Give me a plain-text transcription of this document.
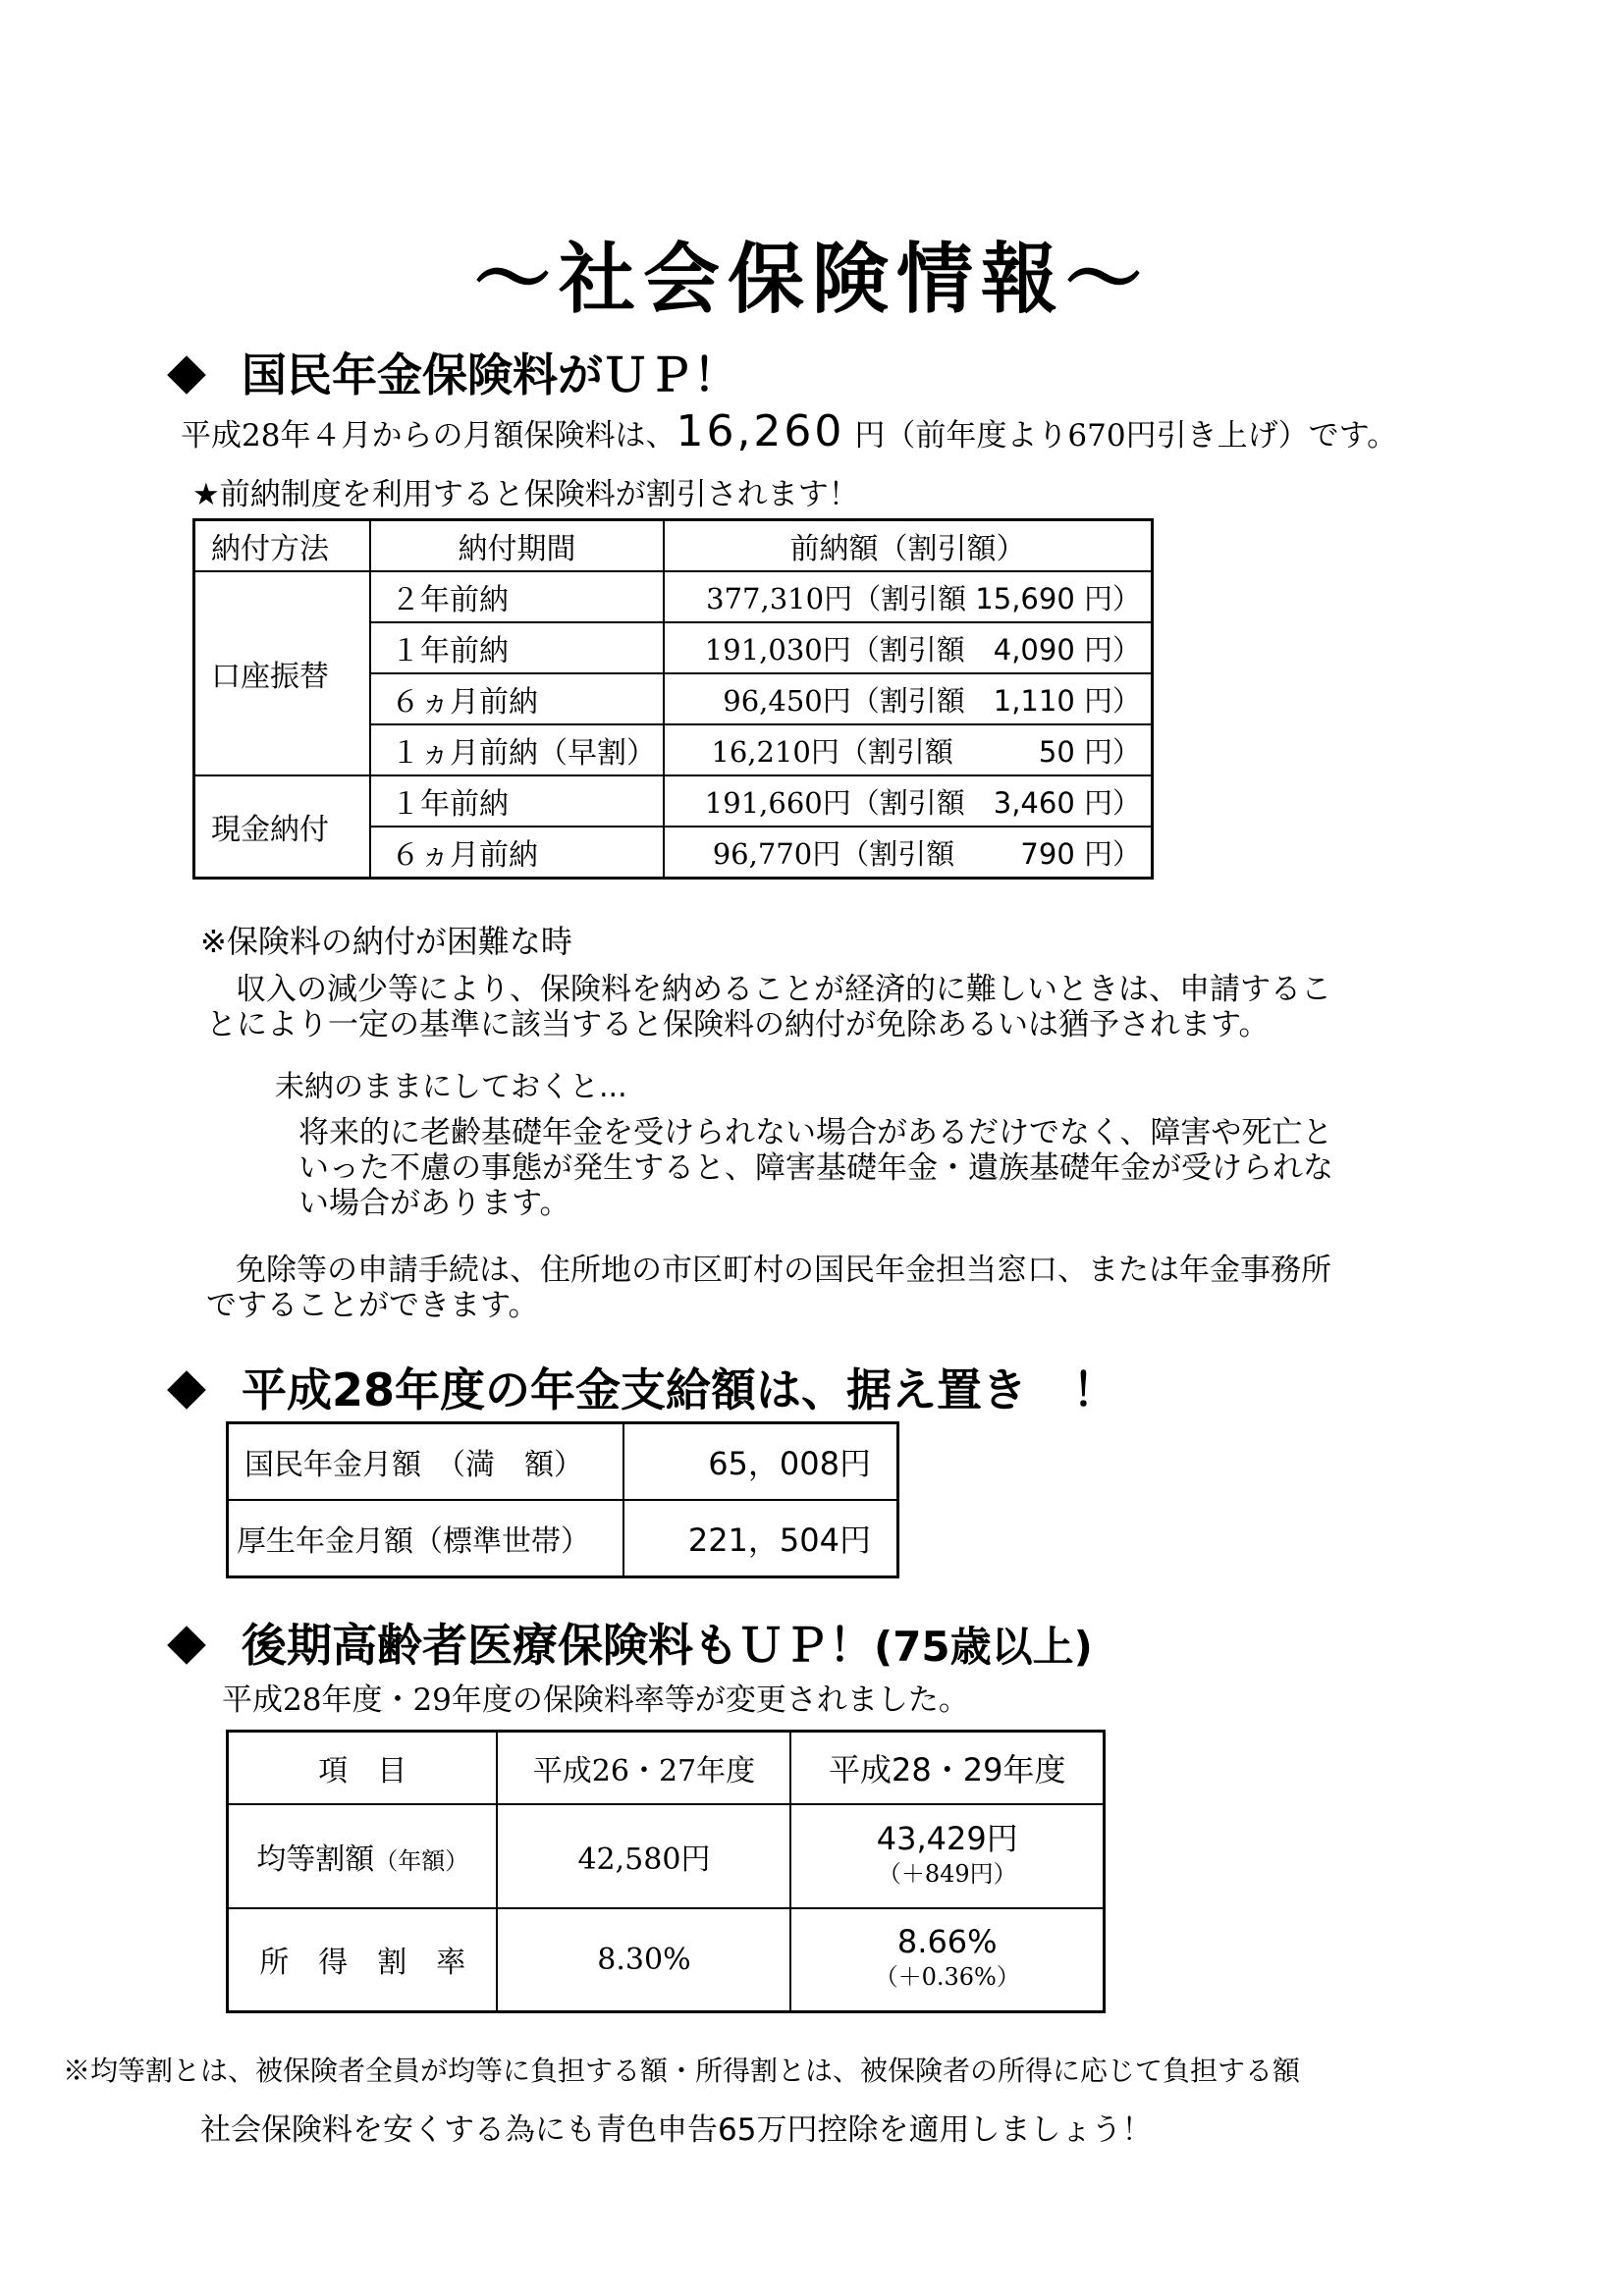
～社会保険情報～
国民年金保険料がＵＰ！
平成28年４月からの月額保険料は、16,260 円（前年度より670円引き上げ）です。
★前納制度を利用すると保険料が割引されます！
納付方法	納付期間	前納額（割引額）
口座振替	２年前納	377,310円（割引額 15,690 円）
	１年前納	191,030円（割引額　4,090 円）
	６ヵ月前納	96,450円（割引額　1,110 円）
	１ヵ月前納（早割）	16,210円（割引額　　　50 円）
現金納付	１年前納	191,660円（割引額　3,460 円）
	６ヵ月前納	96,770円（割引額　　 790 円）
※保険料の納付が困難な時
収入の減少等により、保険料を納めることが経済的に難しいときは、申請するこ
とにより一定の基準に該当すると保険料の納付が免除あるいは猶予されます。
未納のままにしておくと...
将来的に老齢基礎年金を受けられない場合があるだけでなく、障害や死亡と
いった不慮の事態が発生すると、障害基礎年金・遺族基礎年金が受けられな
い場合があります。
免除等の申請手続は、住所地の市区町村の国民年金担当窓口、または年金事務所
ですることができます。
平成28年度の年金支給額は、据え置き　！
国民年金月額　（満　額）	65，008円
厚生年金月額（標準世帯）	221，504円
後期高齢者医療保険料もＵＰ！(75歳以上)
平成28年度・29年度の保険料率等が変更されました。
項　目	平成26・27年度	平成28・29年度
均等割額（年額）	42,580円	43,429円
（＋849円）

所　得　割　率	8.30%	8.66%
（＋0.36%）
※均等割とは、被保険者全員が均等に負担する額・所得割とは、被保険者の所得に応じて負担する額
社会保険料を安くする為にも青色申告65万円控除を適用しましょう！
